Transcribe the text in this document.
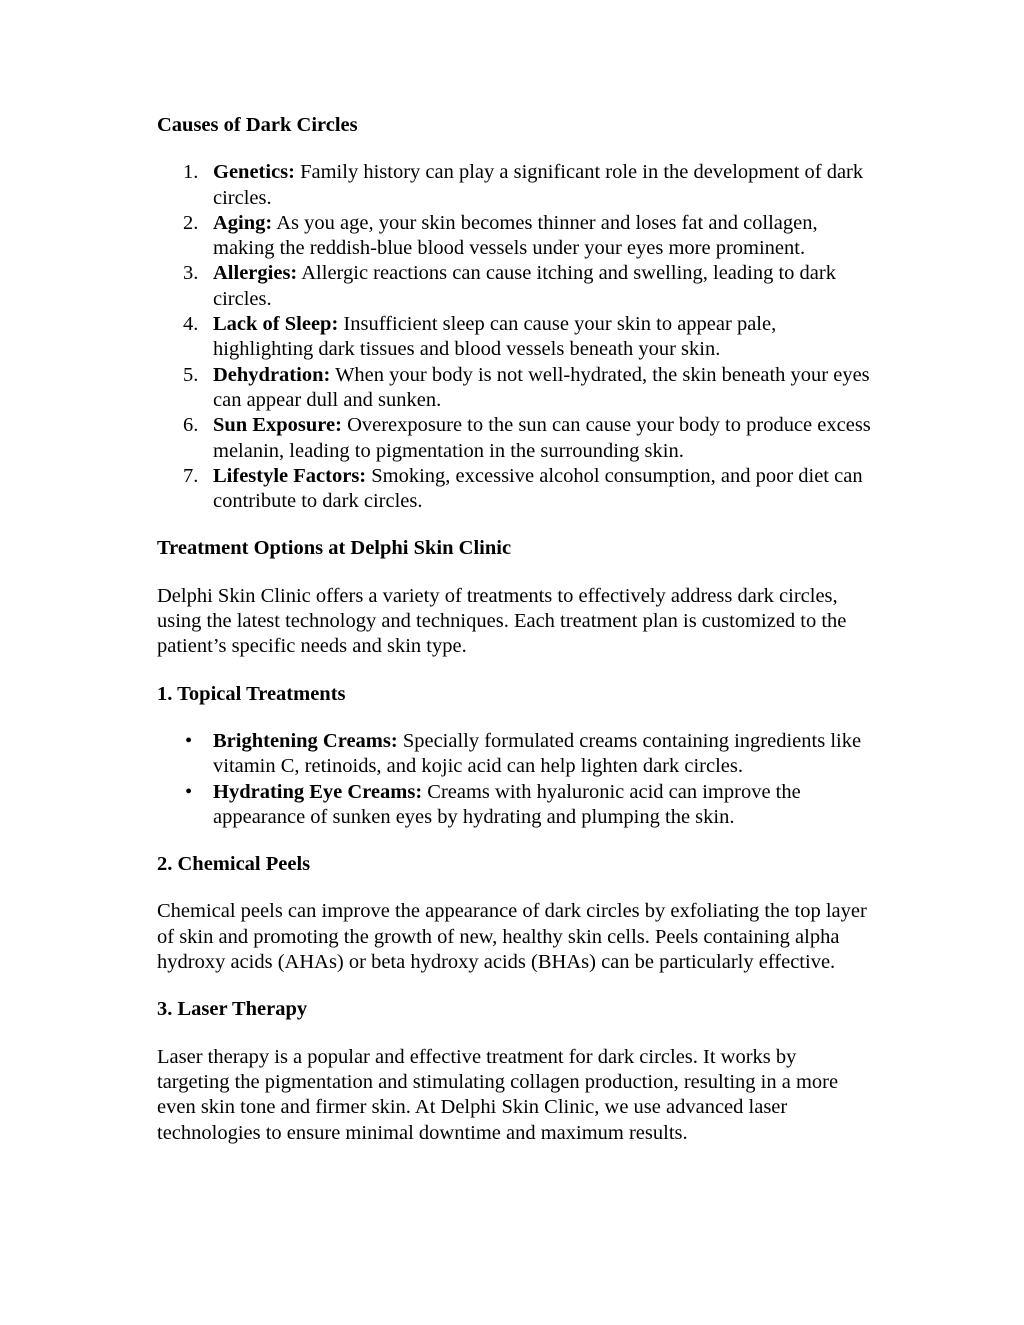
Causes of Dark Circles
1. Genetics: Family history can play a significant role in the development of dark circles.
2. Aging: As you age, your skin becomes thinner and loses fat and collagen, making the reddish-blue blood vessels under your eyes more prominent.
3. Allergies: Allergic reactions can cause itching and swelling, leading to dark circles.
4. Lack of Sleep: Insufficient sleep can cause your skin to appear pale, highlighting dark tissues and blood vessels beneath your skin.
5. Dehydration: When your body is not well-hydrated, the skin beneath your eyes can appear dull and sunken.
6. Sun Exposure: Overexposure to the sun can cause your body to produce excess melanin, leading to pigmentation in the surrounding skin.
7. Lifestyle Factors: Smoking, excessive alcohol consumption, and poor diet can contribute to dark circles.
Treatment Options at Delphi Skin Clinic

Delphi Skin Clinic offers a variety of treatments to effectively address dark circles, using the latest technology and techniques. Each treatment plan is customized to the patient’s specific needs and skin type.

1. Topical Treatments
• Brightening Creams: Specially formulated creams containing ingredients like vitamin C, retinoids, and kojic acid can help lighten dark circles.
• Hydrating Eye Creams: Creams with hyaluronic acid can improve the appearance of sunken eyes by hydrating and plumping the skin.
2. Chemical Peels

Chemical peels can improve the appearance of dark circles by exfoliating the top layer of skin and promoting the growth of new, healthy skin cells. Peels containing alpha hydroxy acids (AHAs) or beta hydroxy acids (BHAs) can be particularly effective.

3. Laser Therapy

Laser therapy is a popular and effective treatment for dark circles. It works by targeting the pigmentation and stimulating collagen production, resulting in a more even skin tone and firmer skin. At Delphi Skin Clinic, we use advanced laser technologies to ensure minimal downtime and maximum results.
